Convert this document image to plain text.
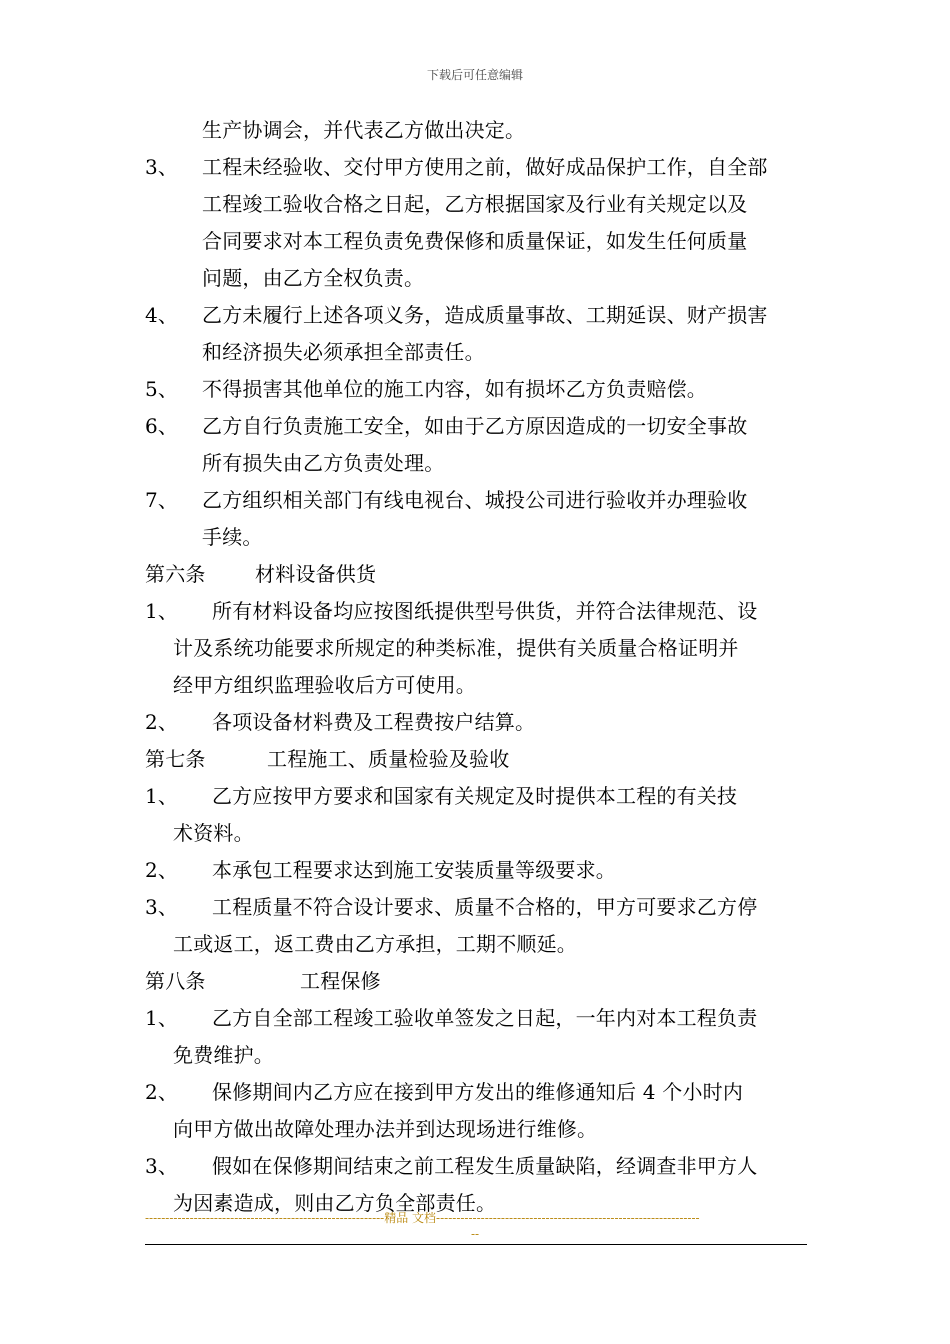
下载后可任意编辑
生产协调会，并代表乙方做出决定。
3、 工程未经验收、交付甲方使用之前，做好成品保护工作，自全部
工程竣工验收合格之日起，乙方根据国家及行业有关规定以及
合同要求对本工程负责免费保修和质量保证，如发生任何质量
问题，由乙方全权负责。
4、 乙方未履行上述各项义务，造成质量事故、工期延误、财产损害
和经济损失必须承担全部责任。
5、 不得损害其他单位的施工内容，如有损坏乙方负责赔偿。
6、 乙方自行负责施工安全，如由于乙方原因造成的一切安全事故
所有损失由乙方负责处理。
7、 乙方组织相关部门有线电视台、城投公司进行验收并办理验收
手续。
第六条 材料设备供货
1、 所有材料设备均应按图纸提供型号供货，并符合法律规范、设
计及系统功能要求所规定的种类标准，提供有关质量合格证明并
经甲方组织监理验收后方可使用。
2、 各项设备材料费及工程费按户结算。
第七条	工程施工、质量检验及验收
1、 乙方应按甲方要求和国家有关规定及时提供本工程的有关技
术资料。
2、 本承包工程要求达到施工安装质量等级要求。
3、 工程质量不符合设计要求、质量不合格的，甲方可要求乙方停
工或返工，返工费由乙方承担，工期不顺延。
第八条	工程保修
1、 乙方自全部工程竣工验收单签发之日起，一年内对本工程负责
免费维护。
2、 保修期间内乙方应在接到甲方发出的维修通知后 4 个小时内
向甲方做出故障处理办法并到达现场进行维修。
3、 假如在保修期间结束之前工程发生质量缺陷，经调查非甲方人
为因素造成，则由乙方负全部责任。
-----------------------------------------------------------精品 文档-----------------------------------------------------------------
--
